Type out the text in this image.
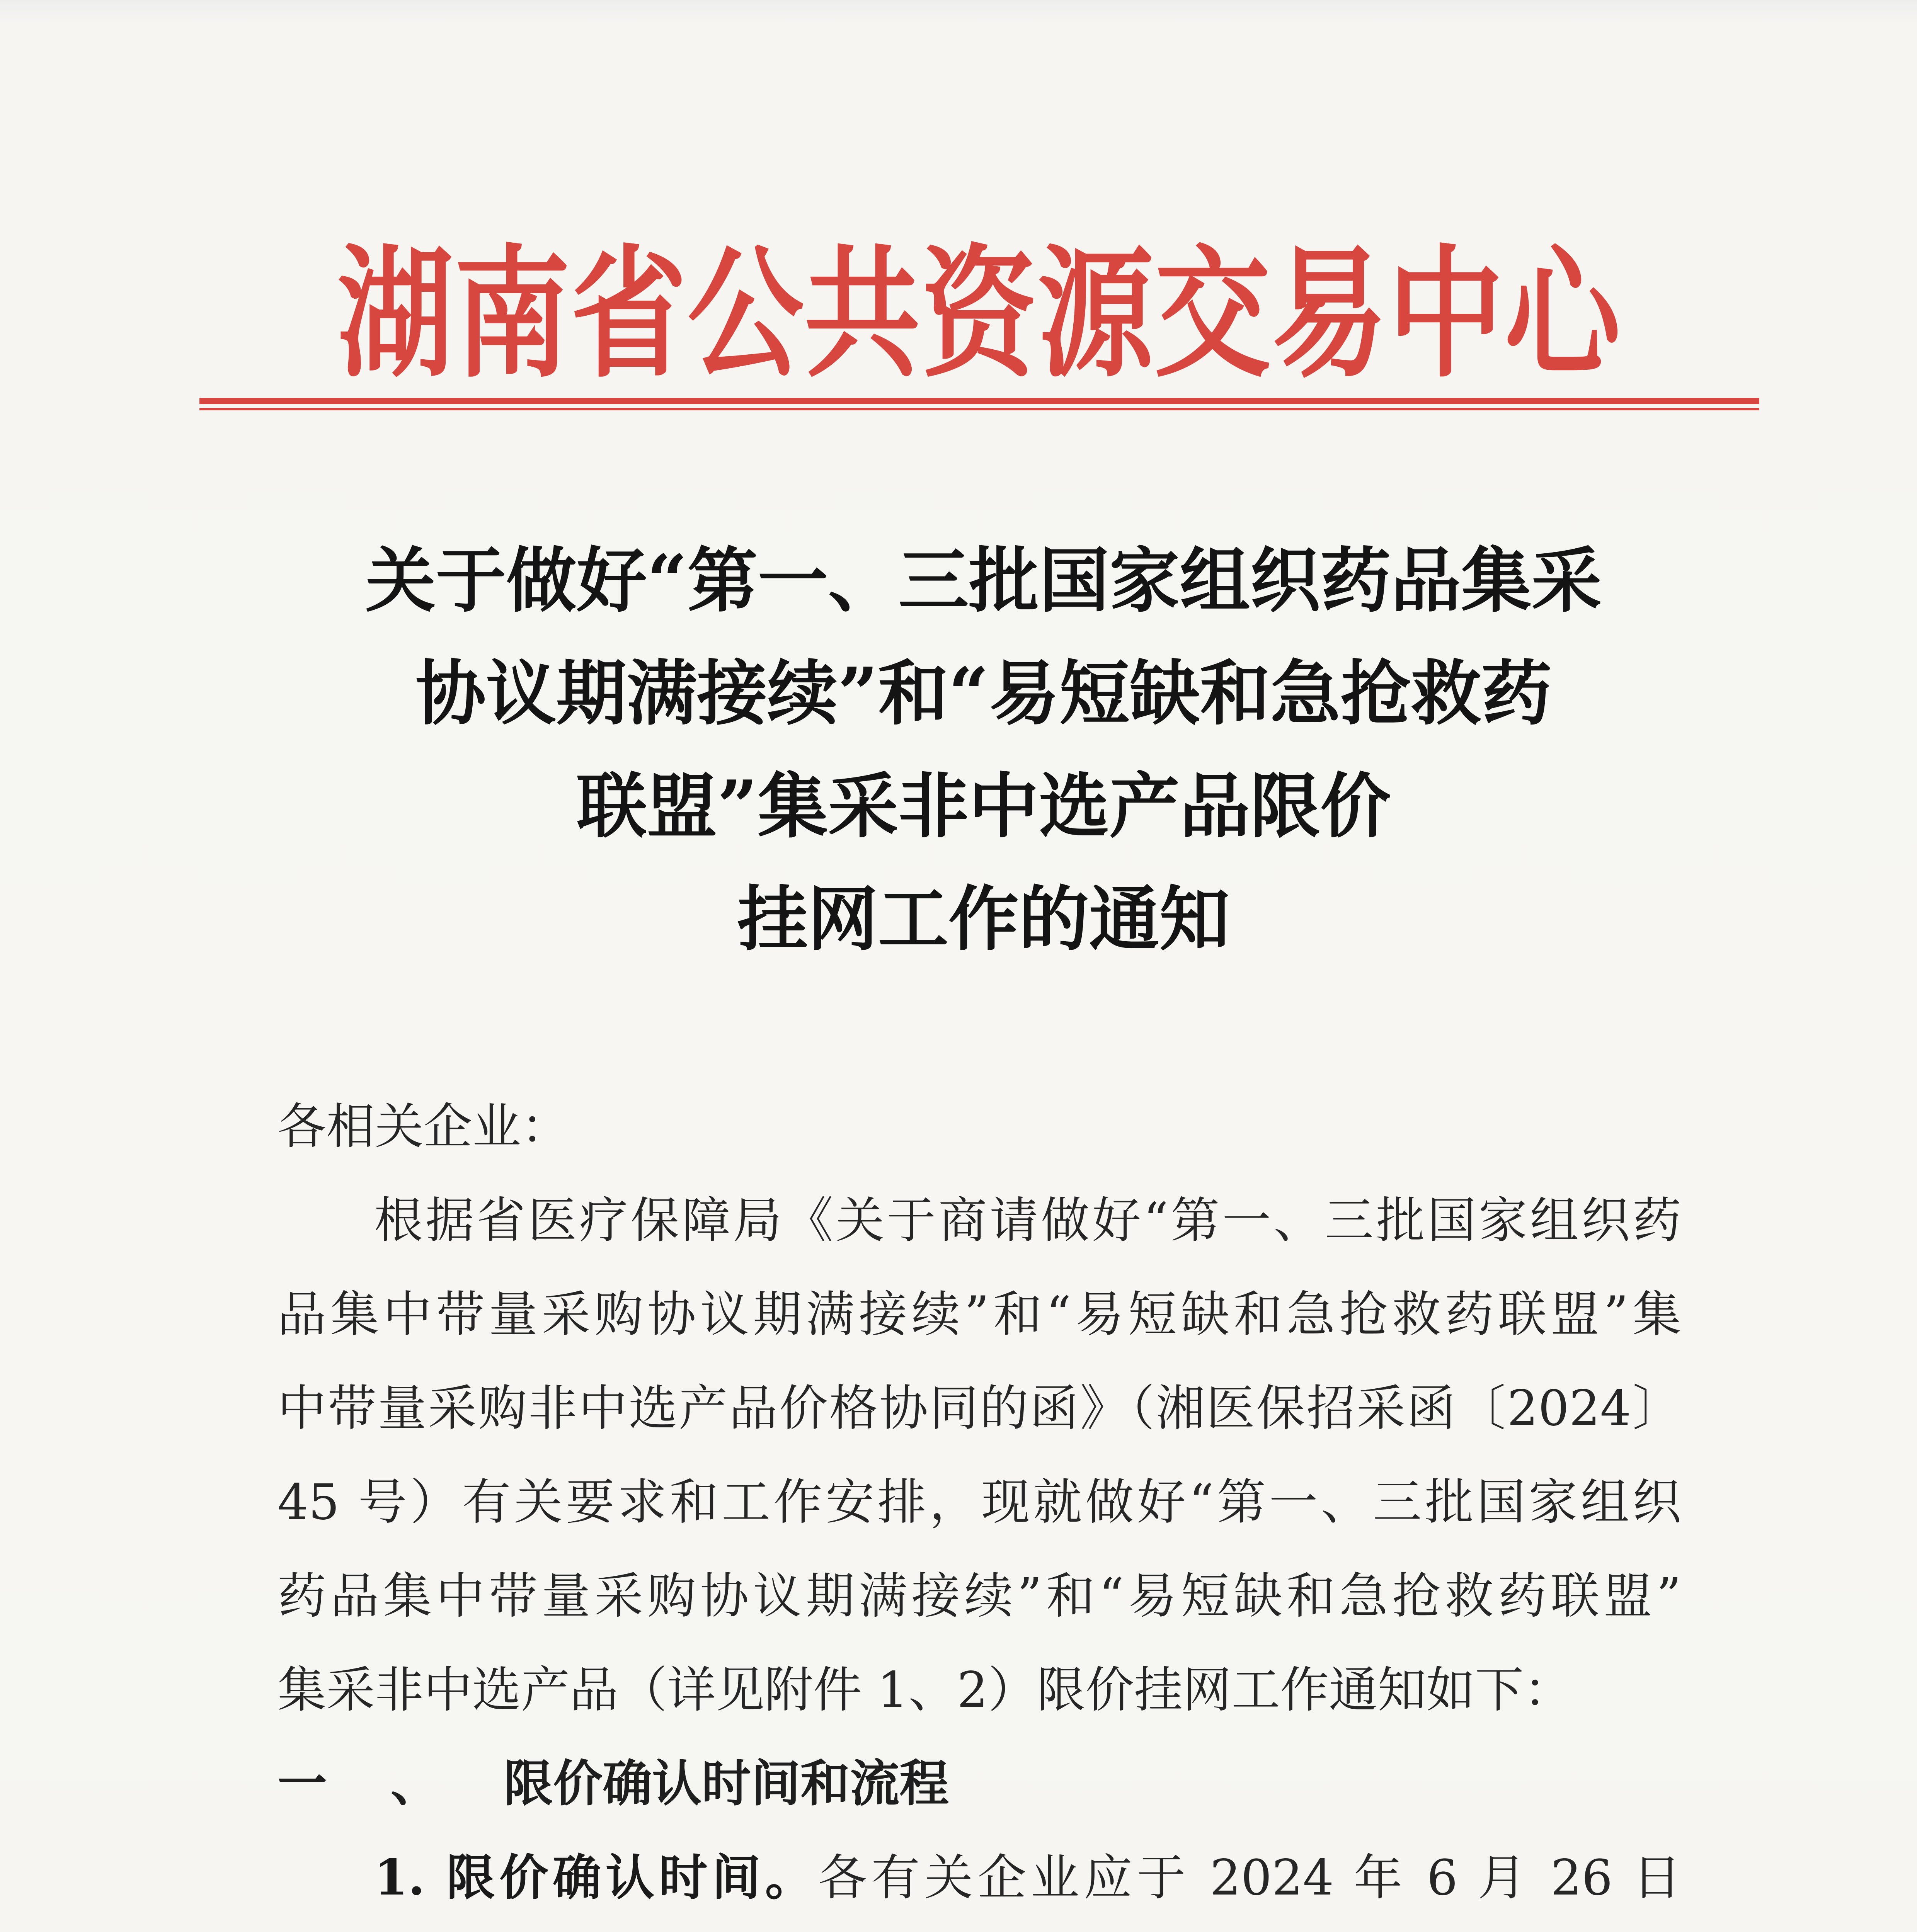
湖南省公共资源交易中心
关于做好“第一、三批国家组织药品集采
协议期满接续”和“易短缺和急抢救药
联盟”集采非中选产品限价
挂网工作的通知
各相关企业：
根据省医疗保障局《关于商请做好“第一、三批国家组织药
品集中带量采购协议期满接续”和“易短缺和急抢救药联盟”集
中带量采购非中选产品价格协同的函》（湘医保招采函〔2024〕
45 号）有关要求和工作安排，现就做好“第一、三批国家组织
药品集中带量采购协议期满接续”和“易短缺和急抢救药联盟”
集采非中选产品（详见附件 1、2）限价挂网工作通知如下：
一 、 限价确认时间和流程
1. 限价确认时间。各有关企业应于 2024 年 6 月 26 日
